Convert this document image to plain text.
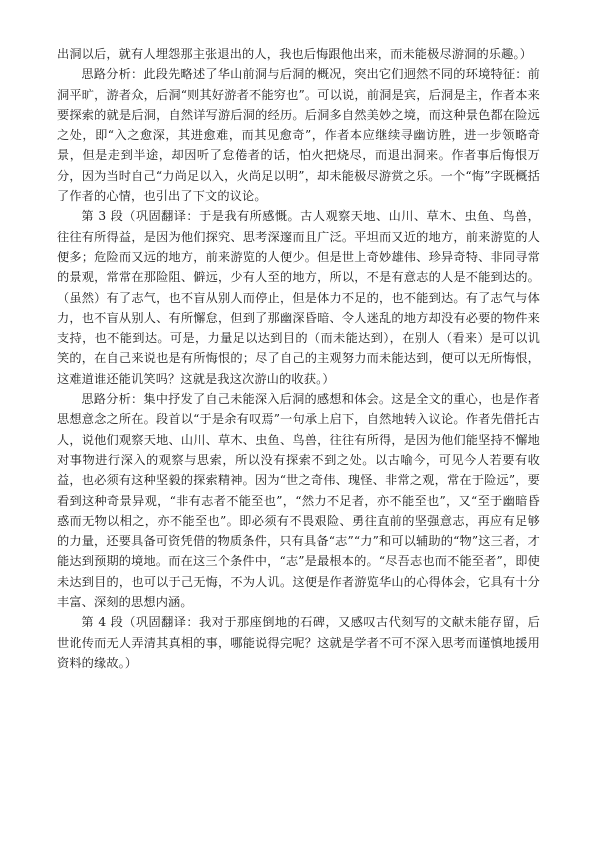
出洞以后，就有人埋怨那主张退出的人，我也后悔跟他出来，而未能极尽游洞的乐趣。）

思路分析：此段先略述了华山前洞与后洞的概况，突出它们迥然不同的环境特征：前洞平旷，游者众，后洞“则其好游者不能穷也”。可以说，前洞是宾，后洞是主，作者本来要探索的就是后洞，自然详写游后洞的经历。后洞多自然美妙之境，而这种景色都在险远之处，即“入之愈深，其进愈难，而其见愈奇”，作者本应继续寻幽访胜，进一步领略奇景，但是走到半途，却因听了怠倦者的话，怕火把烧尽，而退出洞来。作者事后悔恨万分，因为当时自己“力尚足以入，火尚足以明”，却未能极尽游赏之乐。一个“悔”字既概括了作者的心情，也引出了下文的议论。

第 3 段（巩固翻译：于是我有所感慨。古人观察天地、山川、草木、虫鱼、鸟兽，往往有所得益，是因为他们探究、思考深邃而且广泛。平坦而又近的地方，前来游览的人便多；危险而又远的地方，前来游览的人便少。但是世上奇妙雄伟、珍异奇特、非同寻常的景观，常常在那险阻、僻远，少有人至的地方，所以，不是有意志的人是不能到达的。（虽然）有了志气，也不盲从别人而停止，但是体力不足的，也不能到达。有了志气与体力，也不盲从别人、有所懈怠，但到了那幽深昏暗、令人迷乱的地方却没有必要的物件来支持，也不能到达。可是，力量足以达到目的（而未能达到），在别人（看来）是可以讥笑的，在自己来说也是有所悔恨的；尽了自己的主观努力而未能达到，便可以无所悔恨，这难道谁还能讥笑吗？这就是我这次游山的收获。）

思路分析：集中抒发了自己未能深入后洞的感想和体会。这是全文的重心，也是作者思想意念之所在。段首以“于是余有叹焉”一句承上启下，自然地转入议论。作者先借托古人，说他们观察天地、山川、草木、虫鱼、鸟兽，往往有所得，是因为他们能坚持不懈地对事物进行深入的观察与思索，所以没有探索不到之处。以古喻今，可见今人若要有收益，也必须有这种坚毅的探索精神。因为“世之奇伟、瑰怪、非常之观，常在于险远”，要看到这种奇景异观，“非有志者不能至也”，“然力不足者，亦不能至也”，又“至于幽暗昏惑而无物以相之，亦不能至也”。即必须有不畏艰险、勇往直前的坚强意志，再应有足够的力量，还要具备可资凭借的物质条件，只有具备“志”“力”和可以辅助的“物”这三者，才能达到预期的境地。而在这三个条件中，“志”是最根本的。“尽吾志也而不能至者”，即使未达到目的，也可以于己无悔，不为人讥。这便是作者游览华山的心得体会，它具有十分丰富、深刻的思想内涵。

第 4 段（巩固翻译：我对于那座倒地的石碑，又感叹古代刻写的文献未能存留，后世讹传而无人弄清其真相的事，哪能说得完呢？这就是学者不可不深入思考而谨慎地援用资料的缘故。）
